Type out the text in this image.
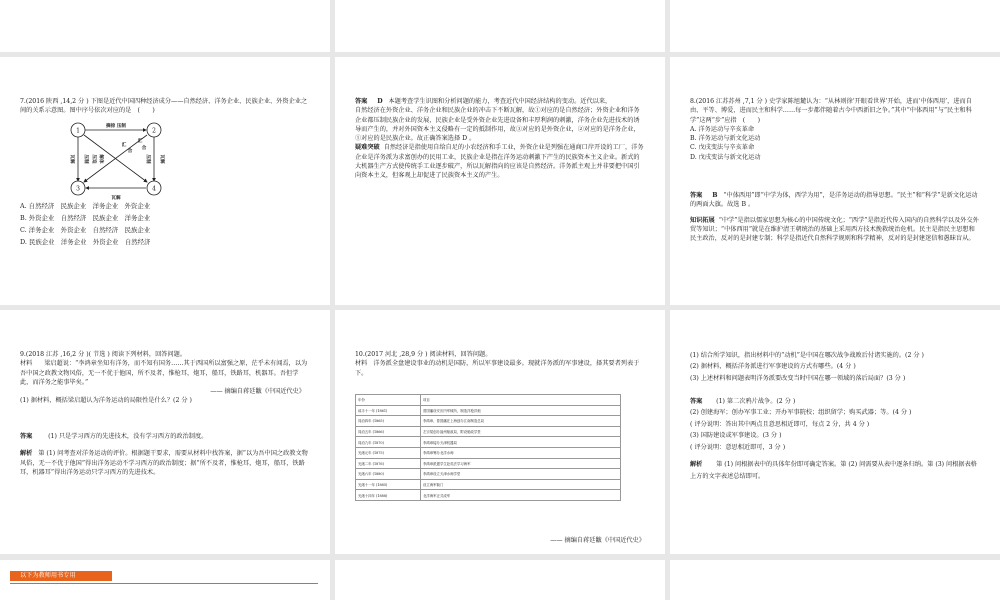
7.(2016 陕西 ,14,2 分 ) 下图是近代中国四种经济成分——自然经济、洋务企业、民族企业、外资企业之间的关系示意图。图中序号依次对应的是　(　　)

1	2
3	4
摘掠 压制
瓦解
瓦解	压制 压迫 解体	压制	瓦解
汇
合
汇
合

A. 自然经济　民族企业　洋务企业　外资企业

B. 外资企业　自然经济　民族企业　洋务企业

C. 洋务企业　外资企业　自然经济　民族企业

D. 民族企业　洋务企业　外资企业　自然经济

答案 D 本题考查学生识图和分析问题的能力，考查近代中国经济结构的变动。近代以来，

自然经济在外资企业、洋务企业和民族企业的冲击下不断瓦解，故①对应的是自然经济；外资企业和洋务企业都压制民族企业的发展，民族企业是受外资企业先进设备和丰厚利润的刺激，洋务企业先进技术的诱导而产生的，并对外国资本主义侵略有一定的抵制作用，故③对应的是外资企业，②对应的是洋务企业，①对应的是民族企业。故正确答案选择 D 。

疑难突破 自然经济是指使用自给自足的小农经济和手工业，外资企业是列强在通商口岸开设的工厂，洋务企业是洋务派为求富创办的民用工业，民族企业是指在洋务运动刺激下产生的民族资本主义企业。新式的大机器生产方式使传统手工业逐步破产，所以瓦解指向的应该是自然经济。洋务派主观上并非要把中国引向资本主义，但客观上却促进了民族资本主义的产生。

8.(2016 江苏苏州 ,7,1 分 ) 史学家陈旭麓认为：“从林则徐‘开眼看世界’开始，进而‘中体西用’，进而自由、平等、博爱，进而民主和科学……每一步都伴随着古今中西新旧之争。”其中“中体西用”与“民主和科学”这两“步”应指　(　　)

A. 洋务运动与辛亥革命

B. 洋务运动与新文化运动

C. 戊戌变法与辛亥革命

D. 戊戌变法与新文化运动

答案 B “中体西用”即“中学为体，西学为用”，是洋务运动的指导思想。“民主”和“科学”是新文化运动的两面大旗。故选 B 。

知识拓展 “中学”是指以儒家思想为核心的中国传统文化；“西学”是指近代传入国内的自然科学以及外交外贸等知识；“中体西用”就是在维护清王朝统治的基础上采用西方技术挽救统治危机。民主是指民主思想和民主政治，反对的是封建专制；科学是指近代自然科学规则和科学精神，反对的是封建迷信和愚昧盲从。

9.(2018 江苏 ,16,2 分 )( 节选 ) 阅读下列材料，回答问题。

材料 梁启超说：“李鸿章坐知有洋务，而不知有国务……其于西国所以富强之原，茫乎未有闻焉，以为吾中国之政教文物风俗，无一不优于他国，所不及者，惟枪耳，炮耳，船耳，铁路耳，机器耳。吾但学此，而洋务之能事毕矣。”

—— 摘编自蒋廷黻《中国近代史》

(1) 据材料，概括梁启超认为洋务运动的局限性是什么？(2 分 )

答案	(1) 只是学习西方的先进技术，没有学习西方的政治制度。

解析 第 (1) 问考查对洋务运动的评价。根据题干要求，需要从材料中找答案，据“以为吾中国之政教文物风俗，无一不优于他国”得出洋务运动不学习西方的政治制度；据“所不及者，惟枪耳，炮耳，船耳，铁路耳，机器耳”得出洋务运动只学习西方的先进技术。

10.(2017 河北 ,28,9 分 ) 阅读材料，回答问题。

材料 洋务派全盘建设事业的动机是国防，所以军事建设最多。现就洋务派的军事建设，择其要者列表于下。

年份	项目
咸丰十一年 (1861)	曾国藩设安庆内军械所，制造洋枪洋炮
同治四年 (1865)	李鸿章、曾国藩在上海创办江南制造总局
同治五年 (1866)	左宗棠创办福州船政局，附设船政学堂
同治九年 (1870)	李鸿章接办天津机器局
光绪元年 (1875)	李鸿章筹办北洋水师
光绪二年 (1876)	李鸿章派遣学生赴英法学习海军
光绪六年 (1880)	李鸿章设立天津水师学堂
光绪十一年 (1885)	设立海军衙门
光绪十四年 (1888)	北洋海军正式成军

—— 摘编自蒋廷黻《中国近代史》

(1) 结合所学知识，指出材料中的“动机”是中国在哪次战争战败后付诸实施的。(2 分 )

(2) 据材料，概括洋务派进行军事建设的方式有哪些。(4 分 )

(3) 上述材料和问题表明洋务派要改变当时中国在哪一领域的落后局面？(3 分 )

答案 (1) 第二次鸦片战争。(2 分 )

(2) 创建海军；创办军事工业；开办军事院校；组织留学；购买武器；等。(4 分 )

( 评分说明：答出其中两点且意思相近即可，每点 2 分，共 4 分 )

(3) 国防建设或军事建设。(3 分 )

( 评分说明：意思相近即可，3 分 )

解析 第 (1) 问根据表中的具体年份即可确定答案。第 (2) 问需要从表中逐条归纳。第 (3) 问根据表格上方的文字表述总结即可。

以下为教师用书专用
